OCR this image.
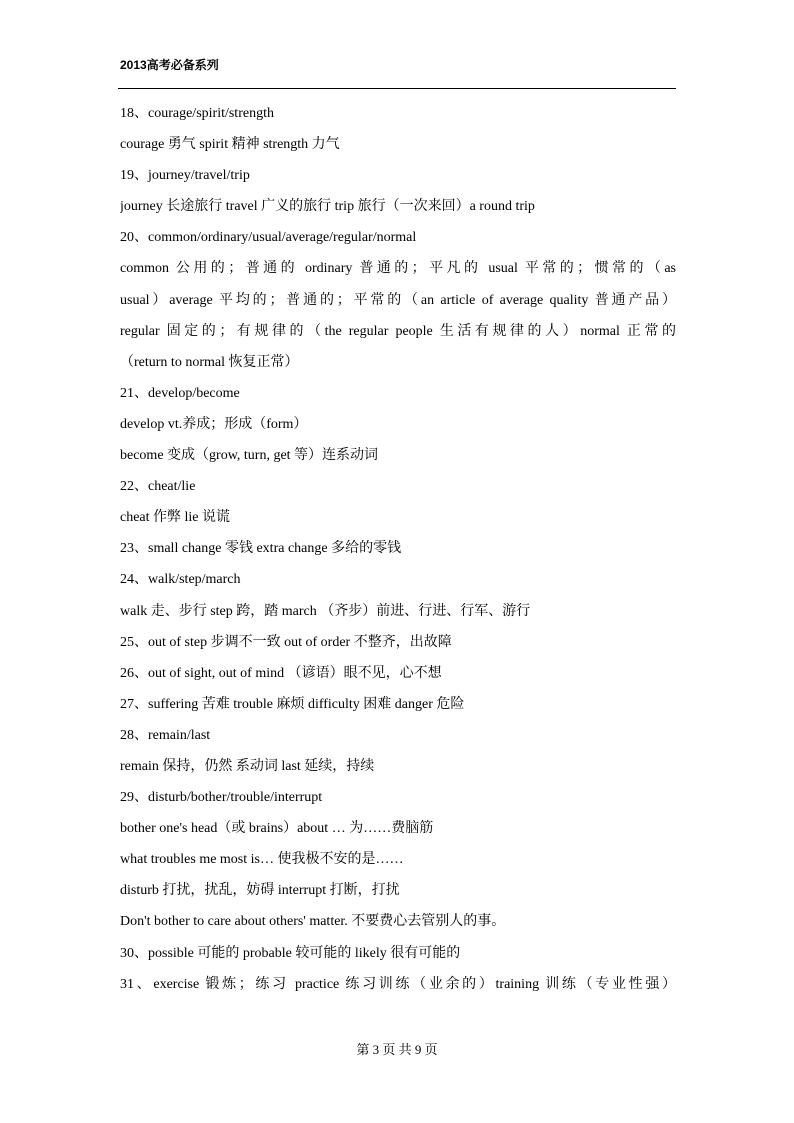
2013高考必备系列
18、courage/spirit/strength
courage 勇气 spirit 精神 strength 力气
19、journey/travel/trip
journey 长途旅行 travel 广义的旅行 trip 旅行（一次来回）a round trip
20、common/ordinary/usual/average/regular/normal
common 公用的；普通的 ordinary 普通的；平凡的 usual 平常的；惯常的（as
usual）average 平均的；普通的；平常的（an article of average quality 普通产品）
regular 固定的；有规律的（the regular people 生活有规律的人）normal 正常的
（return to normal 恢复正常）
21、develop/become
develop vt.养成；形成（form）
become 变成（grow, turn, get 等）连系动词
22、cheat/lie
cheat 作弊 lie 说谎
23、small change 零钱 extra change 多给的零钱
24、walk/step/march
walk 走、步行 step 跨，踏 march （齐步）前进、行进、行军、游行
25、out of step 步调不一致 out of order 不整齐，出故障
26、out of sight, out of mind （谚语）眼不见，心不想
27、suffering 苦难 trouble 麻烦 difficulty 困难 danger 危险
28、remain/last
remain 保持，仍然 系动词 last 延续，持续
29、disturb/bother/trouble/interrupt
bother one's head（或 brains）about … 为……费脑筋
what troubles me most is… 使我极不安的是……
disturb 打扰，扰乱，妨碍 interrupt 打断，打扰
Don't bother to care about others' matter. 不要费心去管别人的事。
30、possible 可能的 probable 较可能的 likely 很有可能的
31、exercise 锻炼；练习 practice 练习训练（业余的）training 训练（专业性强）
第 3 页 共 9 页
